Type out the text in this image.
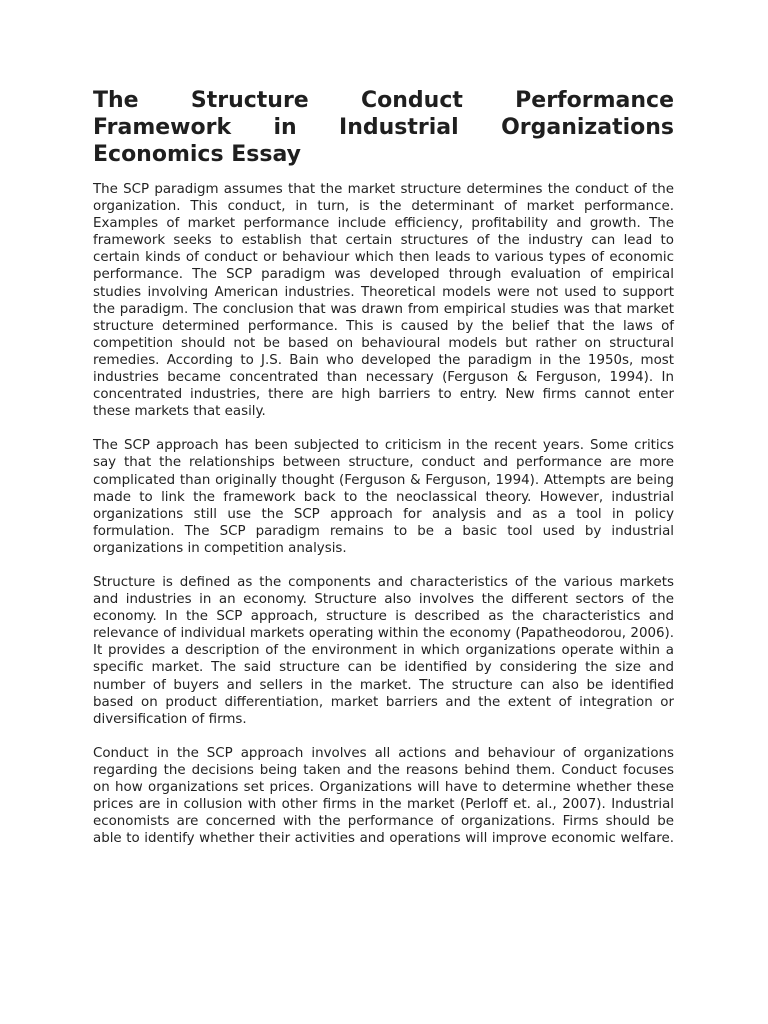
The Structure Conduct Performance Framework in Industrial Organizations Economics Essay

The SCP paradigm assumes that the market structure determines the conduct of the organization. This conduct, in turn, is the determinant of market performance. Examples of market performance include efficiency, profitability and growth. The framework seeks to establish that certain structures of the industry can lead to certain kinds of conduct or behaviour which then leads to various types of economic performance. The SCP paradigm was developed through evaluation of empirical studies involving American industries. Theoretical models were not used to support the paradigm. The conclusion that was drawn from empirical studies was that market structure determined performance. This is caused by the belief that the laws of competition should not be based on behavioural models but rather on structural remedies. According to J.S. Bain who developed the paradigm in the 1950s, most industries became concentrated than necessary (Ferguson & Ferguson, 1994). In concentrated industries, there are high barriers to entry. New firms cannot enter these markets that easily.

The SCP approach has been subjected to criticism in the recent years. Some critics say that the relationships between structure, conduct and performance are more complicated than originally thought (Ferguson & Ferguson, 1994). Attempts are being made to link the framework back to the neoclassical theory. However, industrial organizations still use the SCP approach for analysis and as a tool in policy formulation. The SCP paradigm remains to be a basic tool used by industrial organizations in competition analysis.

Structure is defined as the components and characteristics of the various markets and industries in an economy. Structure also involves the different sectors of the economy. In the SCP approach, structure is described as the characteristics and relevance of individual markets operating within the economy (Papatheodorou, 2006). It provides a description of the environment in which organizations operate within a specific market. The said structure can be identified by considering the size and number of buyers and sellers in the market. The structure can also be identified based on product differentiation, market barriers and the extent of integration or diversification of firms.

Conduct in the SCP approach involves all actions and behaviour of organizations regarding the decisions being taken and the reasons behind them. Conduct focuses on how organizations set prices. Organizations will have to determine whether these prices are in collusion with other firms in the market (Perloff et. al., 2007). Industrial economists are concerned with the performance of organizations. Firms should be able to identify whether their activities and operations will improve economic welfare.
